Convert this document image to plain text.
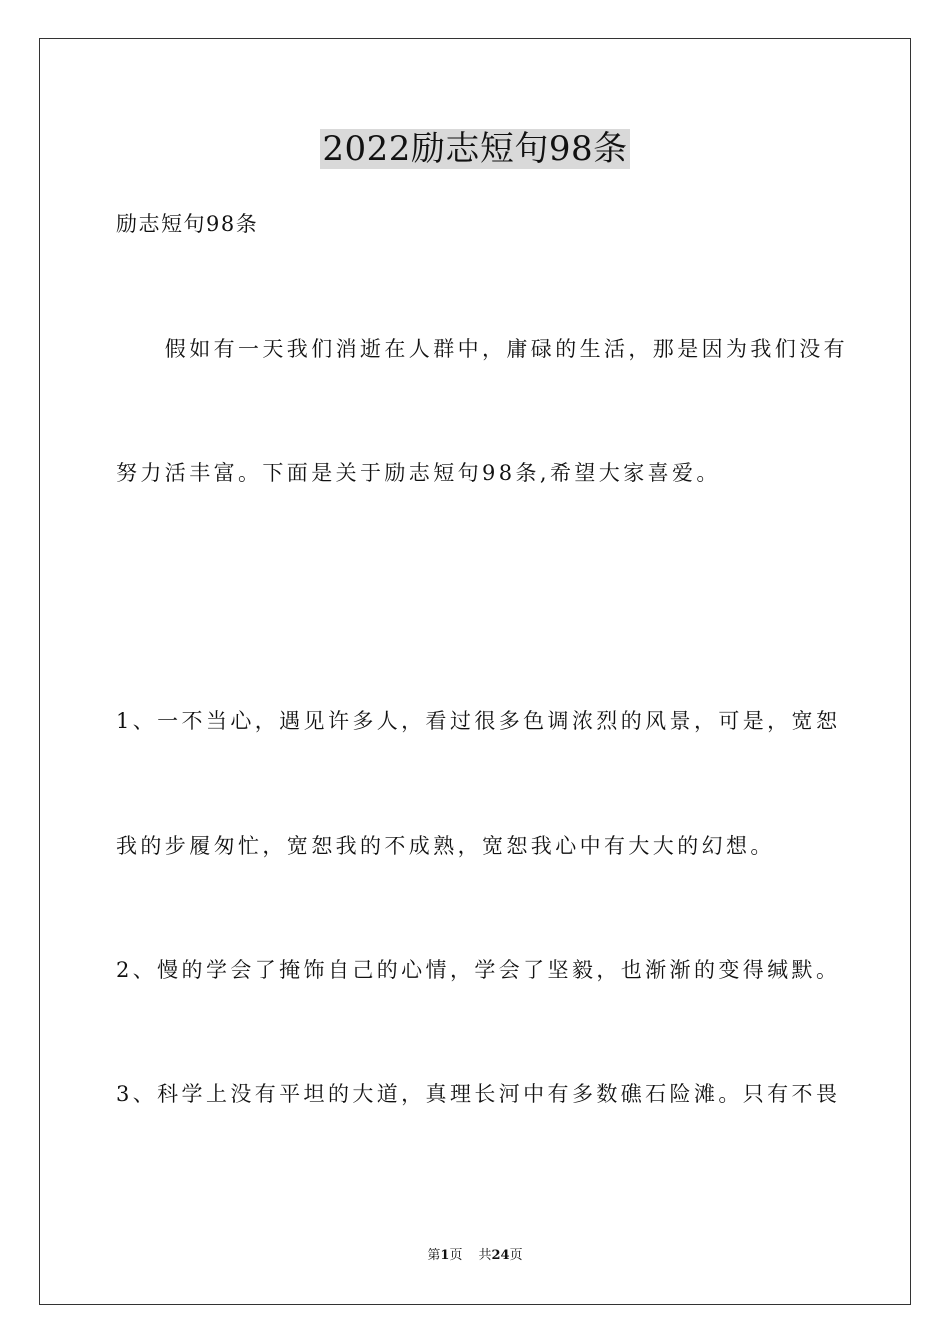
2022励志短句98条
励志短句98条
　　假如有一天我们消逝在人群中，庸碌的生活，那是因为我们没有
努力活丰富。下面是关于励志短句98条,希望大家喜爱。
1、一不当心，遇见许多人，看过很多色调浓烈的风景，可是，宽恕
我的步履匆忙，宽恕我的不成熟，宽恕我心中有大大的幻想。
2、慢的学会了掩饰自己的心情，学会了坚毅，也渐渐的变得缄默。
3、科学上没有平坦的大道，真理长河中有多数礁石险滩。只有不畏
第1页 共24页
